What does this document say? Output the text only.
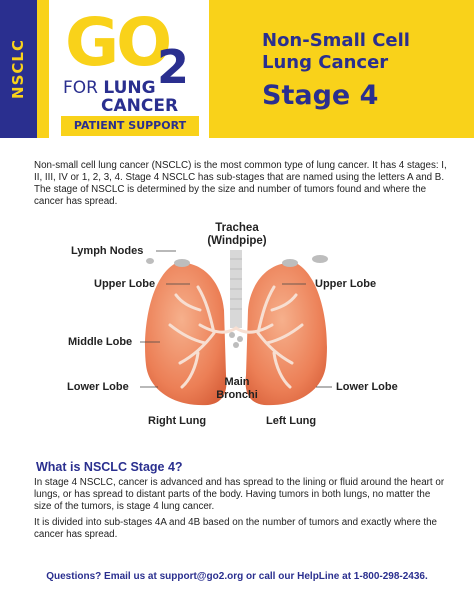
NSCLC GO
2
FOR LUNG
CANCER
PATIENT SUPPORT
Non-Small Cell
Lung Cancer
Stage 4
Non-small cell lung cancer (NSCLC) is the most common type of lung cancer. It has 4 stages: I, II, III, IV or 1, 2, 3, 4. Stage 4 NSCLC has sub-stages that are named using the letters A and B. The stage of NSCLC is determined by the size and number of tumors found and where the cancer has spread.
Trachea
(Windpipe)
Lymph Nodes
Upper Lobe	Upper Lobe
Middle Lobe
Lower Lobe	Lower Lobe
Main
Bronchi
Right Lung	Left Lung
What is NSCLC Stage 4?
In stage 4 NSCLC, cancer is advanced and has spread to the lining or fluid around the heart or lungs, or has spread to distant parts of the body. Having tumors in both lungs, no matter the size of the tumors, is stage 4 lung cancer.
It is divided into sub-stages 4A and 4B based on the number of tumors and exactly where the cancer has spread.
Questions? Email us at support@go2.org or call our HelpLine at 1-800-298-2436.
